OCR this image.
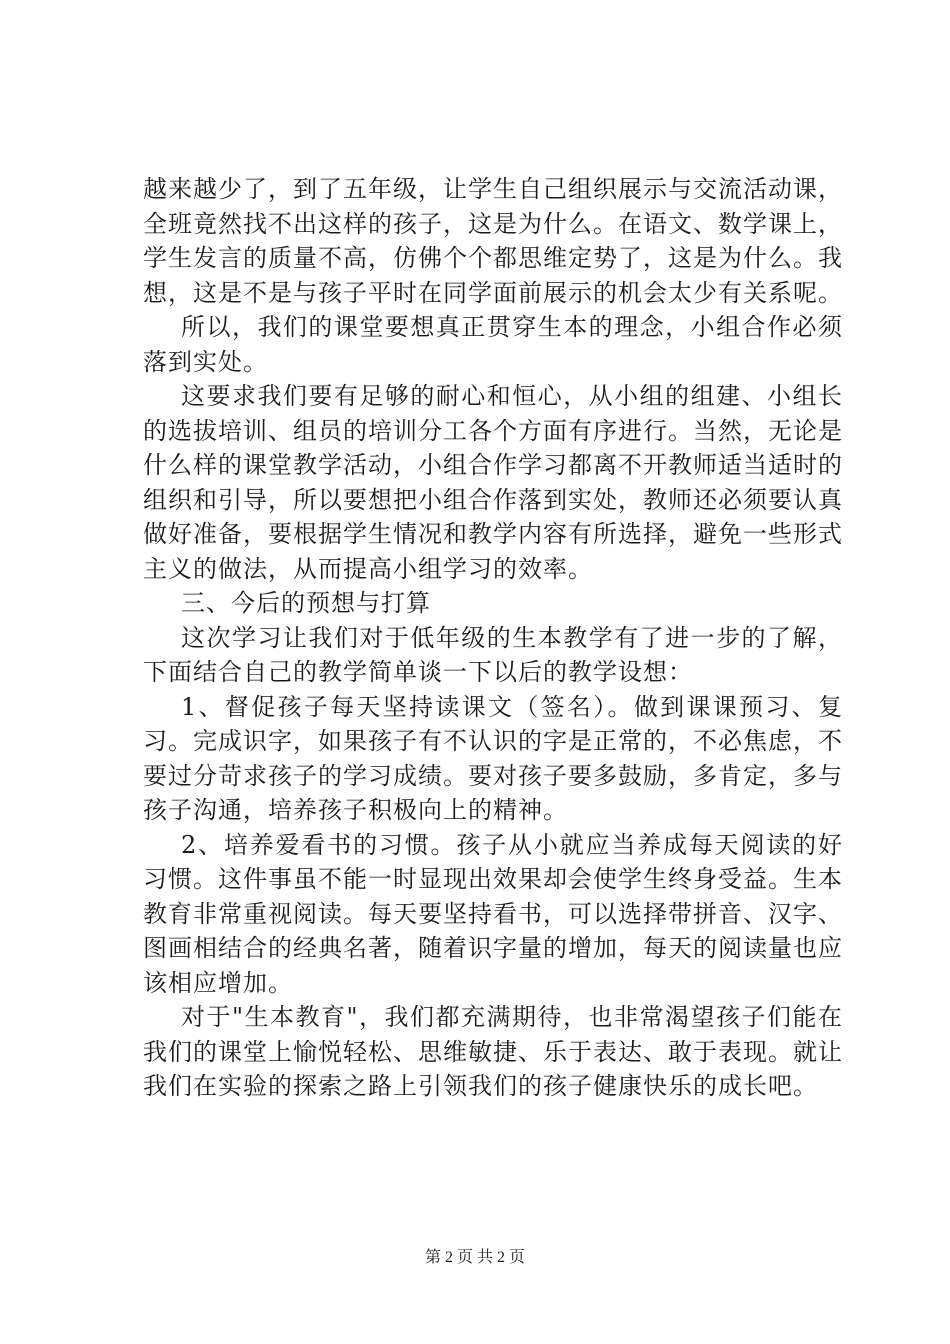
越来越少了，到了五年级，让学生自己组织展示与交流活动课，全班竟然找不出这样的孩子，这是为什么。在语文、数学课上，学生发言的质量不高，仿佛个个都思维定势了，这是为什么。我想，这是不是与孩子平时在同学面前展示的机会太少有关系呢。

所以，我们的课堂要想真正贯穿生本的理念，小组合作必须落到实处。

这要求我们要有足够的耐心和恒心，从小组的组建、小组长的选拔培训、组员的培训分工各个方面有序进行。当然，无论是什么样的课堂教学活动，小组合作学习都离不开教师适当适时的组织和引导，所以要想把小组合作落到实处，教师还必须要认真做好准备，要根据学生情况和教学内容有所选择，避免一些形式主义的做法，从而提高小组学习的效率。

三、今后的预想与打算

这次学习让我们对于低年级的生本教学有了进一步的了解，下面结合自己的教学简单谈一下以后的教学设想：

1、督促孩子每天坚持读课文（签名）。做到课课预习、复习。完成识字，如果孩子有不认识的字是正常的，不必焦虑，不要过分苛求孩子的学习成绩。要对孩子要多鼓励，多肯定，多与孩子沟通，培养孩子积极向上的精神。

2、培养爱看书的习惯。孩子从小就应当养成每天阅读的好习惯。这件事虽不能一时显现出效果却会使学生终身受益。生本教育非常重视阅读。每天要坚持看书，可以选择带拼音、汉字、图画相结合的经典名著，随着识字量的增加，每天的阅读量也应该相应增加。

对于"生本教育"，我们都充满期待，也非常渴望孩子们能在我们的课堂上愉悦轻松、思维敏捷、乐于表达、敢于表现。就让我们在实验的探索之路上引领我们的孩子健康快乐的成长吧。

第 2 页 共 2 页
